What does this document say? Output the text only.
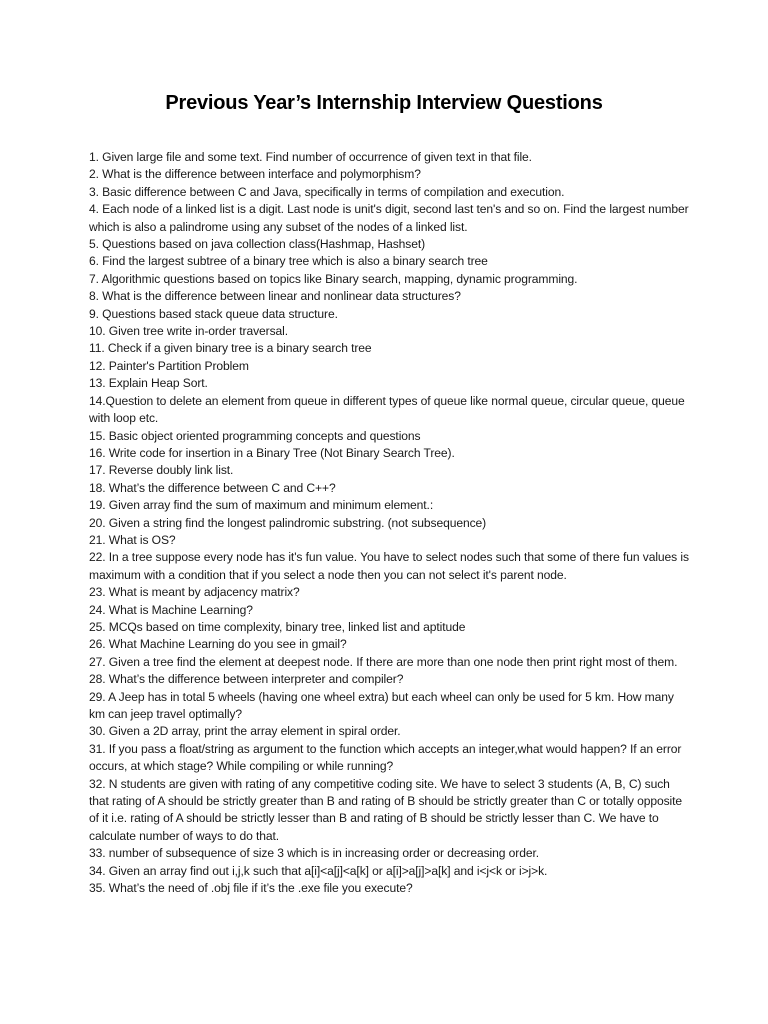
Previous Year’s Internship Interview Questions
1. Given large file and some text. Find number of occurrence of given text in that file.
2. What is the difference between interface and polymorphism?
3. Basic difference between C and Java, specifically in terms of compilation and execution.
4. Each node of a linked list is a digit. Last node is unit's digit, second last ten's and so on. Find the largest number which is also a palindrome using any subset of the nodes of a linked list.
5. Questions based on java collection class(Hashmap, Hashset)
6. Find the largest subtree of a binary tree which is also a binary search tree
7. Algorithmic questions based on topics like Binary search, mapping, dynamic programming.
8. What is the difference between linear and nonlinear data structures?
9. Questions based stack queue data structure.
10. Given tree write in-order traversal.
11. Check if a given binary tree is a binary search tree
12. Painter's Partition Problem
13. Explain Heap Sort.
14.Question to delete an element from queue in different types of queue like normal queue, circular queue, queue with loop etc.
15. Basic object oriented programming concepts and questions
16. Write code for insertion in a Binary Tree (Not Binary Search Tree).
17. Reverse doubly link list.
18. What’s the difference between C and C++?
19. Given array find the sum of maximum and minimum element.:
20. Given a string find the longest palindromic substring. (not subsequence)
21. What is OS?
22. In a tree suppose every node has it's fun value. You have to select nodes such that some of there fun values is maximum with a condition that if you select a node then you can not select it's parent node.
23. What is meant by adjacency matrix?
24. What is Machine Learning?
25. MCQs based on time complexity, binary tree, linked list and aptitude
26. What Machine Learning do you see in gmail?
27. Given a tree find the element at deepest node. If there are more than one node then print right most of them.
28. What’s the difference between interpreter and compiler?
29. A Jeep has in total 5 wheels (having one wheel extra) but each wheel can only be used for 5 km. How many km can jeep travel optimally?
30. Given a 2D array, print the array element in spiral order.
31. If you pass a float/string as argument to the function which accepts an integer,what would happen? If an error occurs, at which stage? While compiling or while running?
32. N students are given with rating of any competitive coding site. We have to select 3 students (A, B, C) such that rating of A should be strictly greater than B and rating of B should be strictly greater than C or totally opposite of it i.e. rating of A should be strictly lesser than B and rating of B should be strictly lesser than C. We have to calculate number of ways to do that.
33. number of subsequence of size 3 which is in increasing order or decreasing order.
34. Given an array find out i,j,k such that a[i]<a[j]<a[k] or a[i]>a[j]>a[k] and i<j<k or i>j>k.
35. What’s the need of .obj file if it’s the .exe file you execute?
